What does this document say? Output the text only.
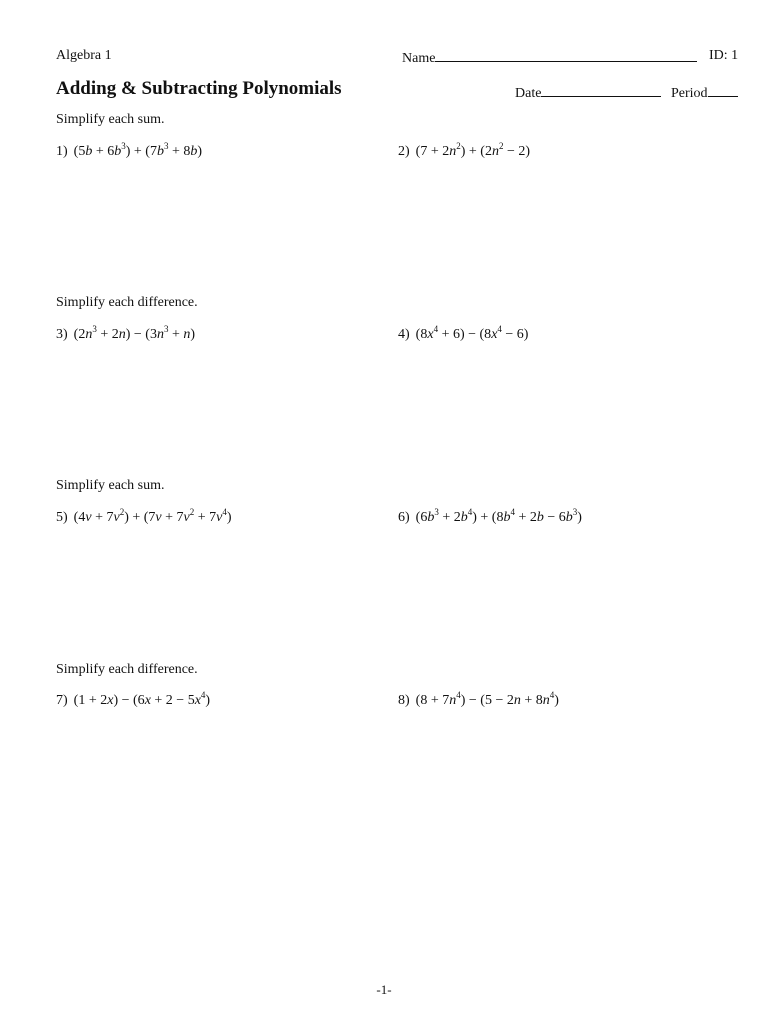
Algebra 1
Adding & Subtracting Polynomials
Name	ID: 1
Date	Period
Simplify each sum.
Simplify each difference.
Simplify each sum.
Simplify each difference.
1) $(5b + 6b^3) + (7b^3 + 8b)$	2) $(7 + 2n^2) + (2n^2 - 2)$
3) $(2n^3 + 2n) - (3n^3 + n)$	4) $(8x^4 + 6) - (8x^4 - 6)$
5) $(4v + 7v^2) + (7v + 7v^2 + 7v^4)$	6) $(6b^3 + 2b^4) + (8b^4 + 2b - 6b^3)$
7) $(1 + 2x) - (6x + 2 - 5x^4)$	8) $(8 + 7n^4) - (5 - 2n + 8n^4)$
-1-
